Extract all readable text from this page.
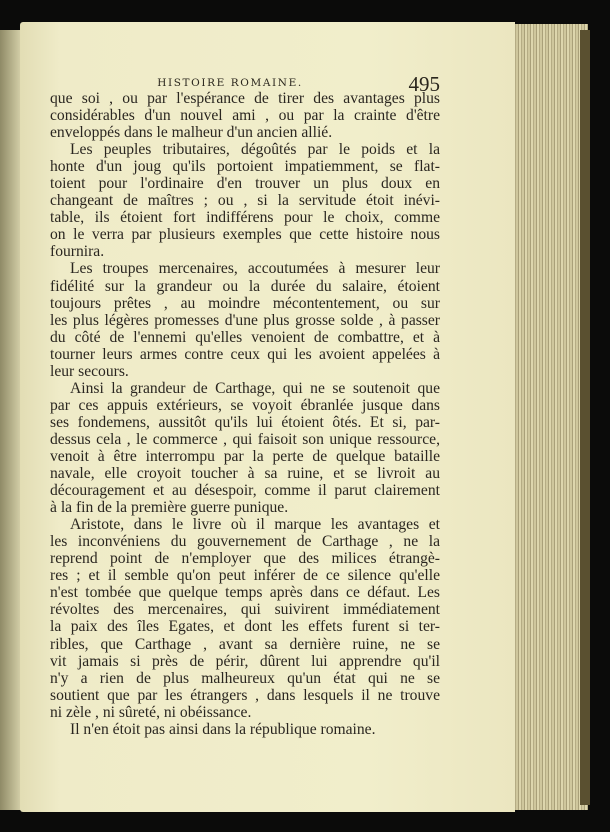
HISTOIRE ROMAINE.	495
que soi , ou par l'espérance de tirer des avantages plus
considérables d'un nouvel ami , ou par la crainte d'être
enveloppés dans le malheur d'un ancien allié.
Les peuples tributaires, dégoûtés par le poids et la
honte d'un joug qu'ils portoient impatiemment, se flat-
toient pour l'ordinaire d'en trouver un plus doux en
changeant de maîtres ; ou , si la servitude étoit inévi-
table, ils étoient fort indifférens pour le choix, comme
on le verra par plusieurs exemples que cette histoire nous
fournira.
Les troupes mercenaires, accoutumées à mesurer leur
fidélité sur la grandeur ou la durée du salaire, étoient
toujours prêtes , au moindre mécontentement, ou sur
les plus légères promesses d'une plus grosse solde , à passer
du côté de l'ennemi qu'elles venoient de combattre, et à
tourner leurs armes contre ceux qui les avoient appelées à
leur secours.
Ainsi la grandeur de Carthage, qui ne se soutenoit que
par ces appuis extérieurs, se voyoit ébranlée jusque dans
ses fondemens, aussitôt qu'ils lui étoient ôtés. Et si, par-
dessus cela , le commerce , qui faisoit son unique ressource,
venoit à être interrompu par la perte de quelque bataille
navale, elle croyoit toucher à sa ruine, et se livroit au
découragement et au désespoir, comme il parut clairement
à la fin de la première guerre punique.
Aristote, dans le livre où il marque les avantages et
les inconvéniens du gouvernement de Carthage , ne la
reprend point de n'employer que des milices étrangè-
res ; et il semble qu'on peut inférer de ce silence qu'elle
n'est tombée que quelque temps après dans ce défaut. Les
révoltes des mercenaires, qui suivirent immédiatement
la paix des îles Egates, et dont les effets furent si ter-
ribles, que Carthage , avant sa dernière ruine, ne se
vit jamais si près de périr, dûrent lui apprendre qu'il
n'y a rien de plus malheureux qu'un état qui ne se
soutient que par les étrangers , dans lesquels il ne trouve
ni zèle , ni sûreté, ni obéissance.
Il n'en étoit pas ainsi dans la république romaine.
